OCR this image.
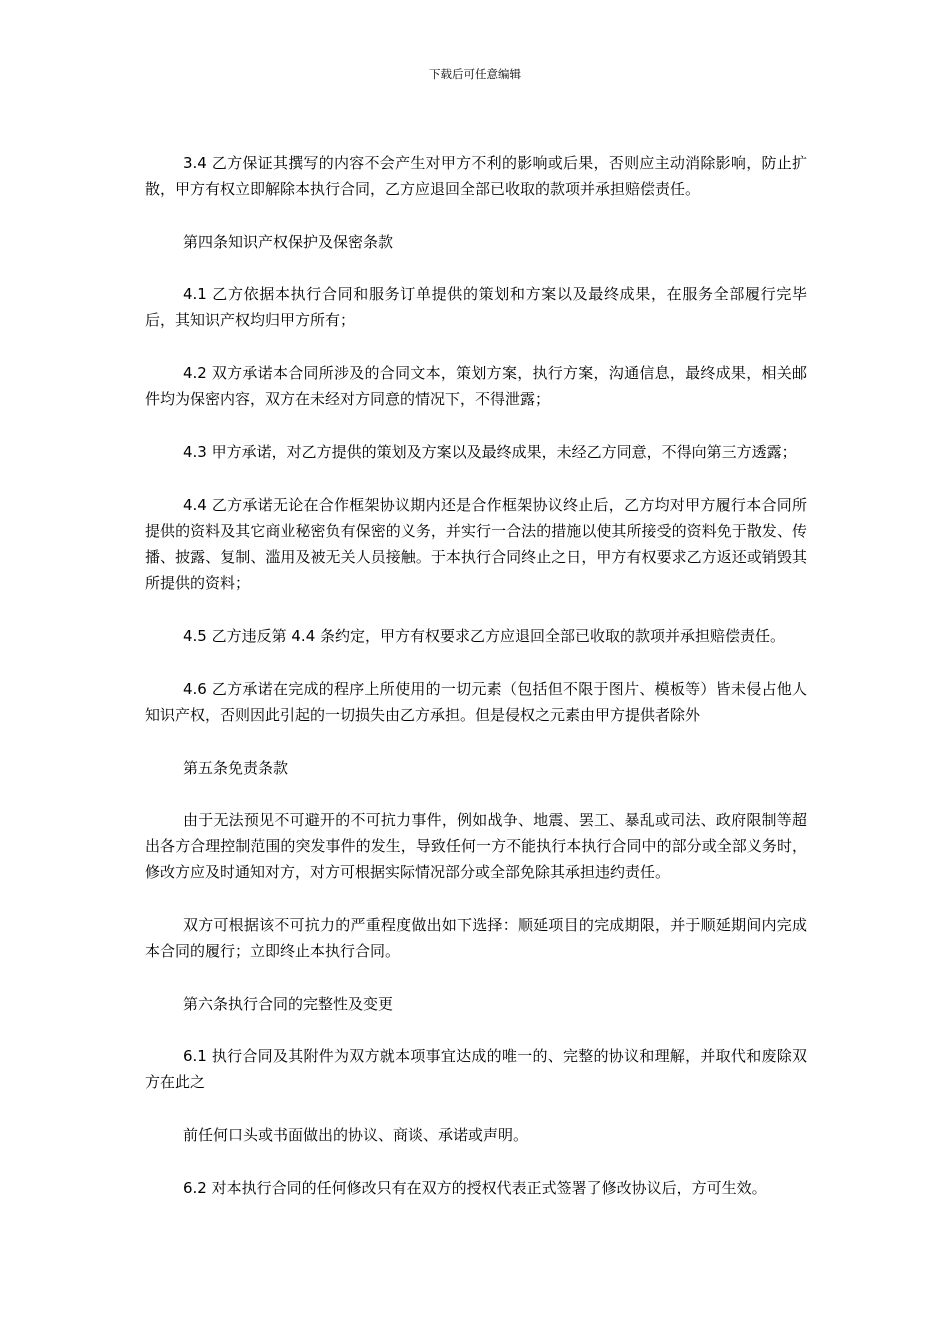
下载后可任意编辑

3.4 乙方保证其撰写的内容不会产生对甲方不利的影响或后果，否则应主动消除影响，防止扩散，甲方有权立即解除本执行合同，乙方应退回全部已收取的款项并承担赔偿责任。

第四条知识产权保护及保密条款

4.1 乙方依据本执行合同和服务订单提供的策划和方案以及最终成果，在服务全部履行完毕后，其知识产权均归甲方所有；

4.2 双方承诺本合同所涉及的合同文本，策划方案，执行方案，沟通信息，最终成果，相关邮件均为保密内容，双方在未经对方同意的情况下，不得泄露；

4.3 甲方承诺，对乙方提供的策划及方案以及最终成果，未经乙方同意，不得向第三方透露；

4.4 乙方承诺无论在合作框架协议期内还是合作框架协议终止后，乙方均对甲方履行本合同所提供的资料及其它商业秘密负有保密的义务，并实行一合法的措施以使其所接受的资料免于散发、传播、披露、复制、滥用及被无关人员接触。于本执行合同终止之日，甲方有权要求乙方返还或销毁其所提供的资料；

4.5 乙方违反第 4.4 条约定，甲方有权要求乙方应退回全部已收取的款项并承担赔偿责任。

4.6 乙方承诺在完成的程序上所使用的一切元素（包括但不限于图片、模板等）皆未侵占他人知识产权，否则因此引起的一切损失由乙方承担。但是侵权之元素由甲方提供者除外

第五条免责条款

由于无法预见不可避开的不可抗力事件，例如战争、地震、罢工、暴乱或司法、政府限制等超出各方合理控制范围的突发事件的发生，导致任何一方不能执行本执行合同中的部分或全部义务时，修改方应及时通知对方，对方可根据实际情况部分或全部免除其承担违约责任。

双方可根据该不可抗力的严重程度做出如下选择：顺延项目的完成期限，并于顺延期间内完成本合同的履行；立即终止本执行合同。

第六条执行合同的完整性及变更

6.1 执行合同及其附件为双方就本项事宜达成的唯一的、完整的协议和理解，并取代和废除双方在此之

前任何口头或书面做出的协议、商谈、承诺或声明。

6.2 对本执行合同的任何修改只有在双方的授权代表正式签署了修改协议后，方可生效。
